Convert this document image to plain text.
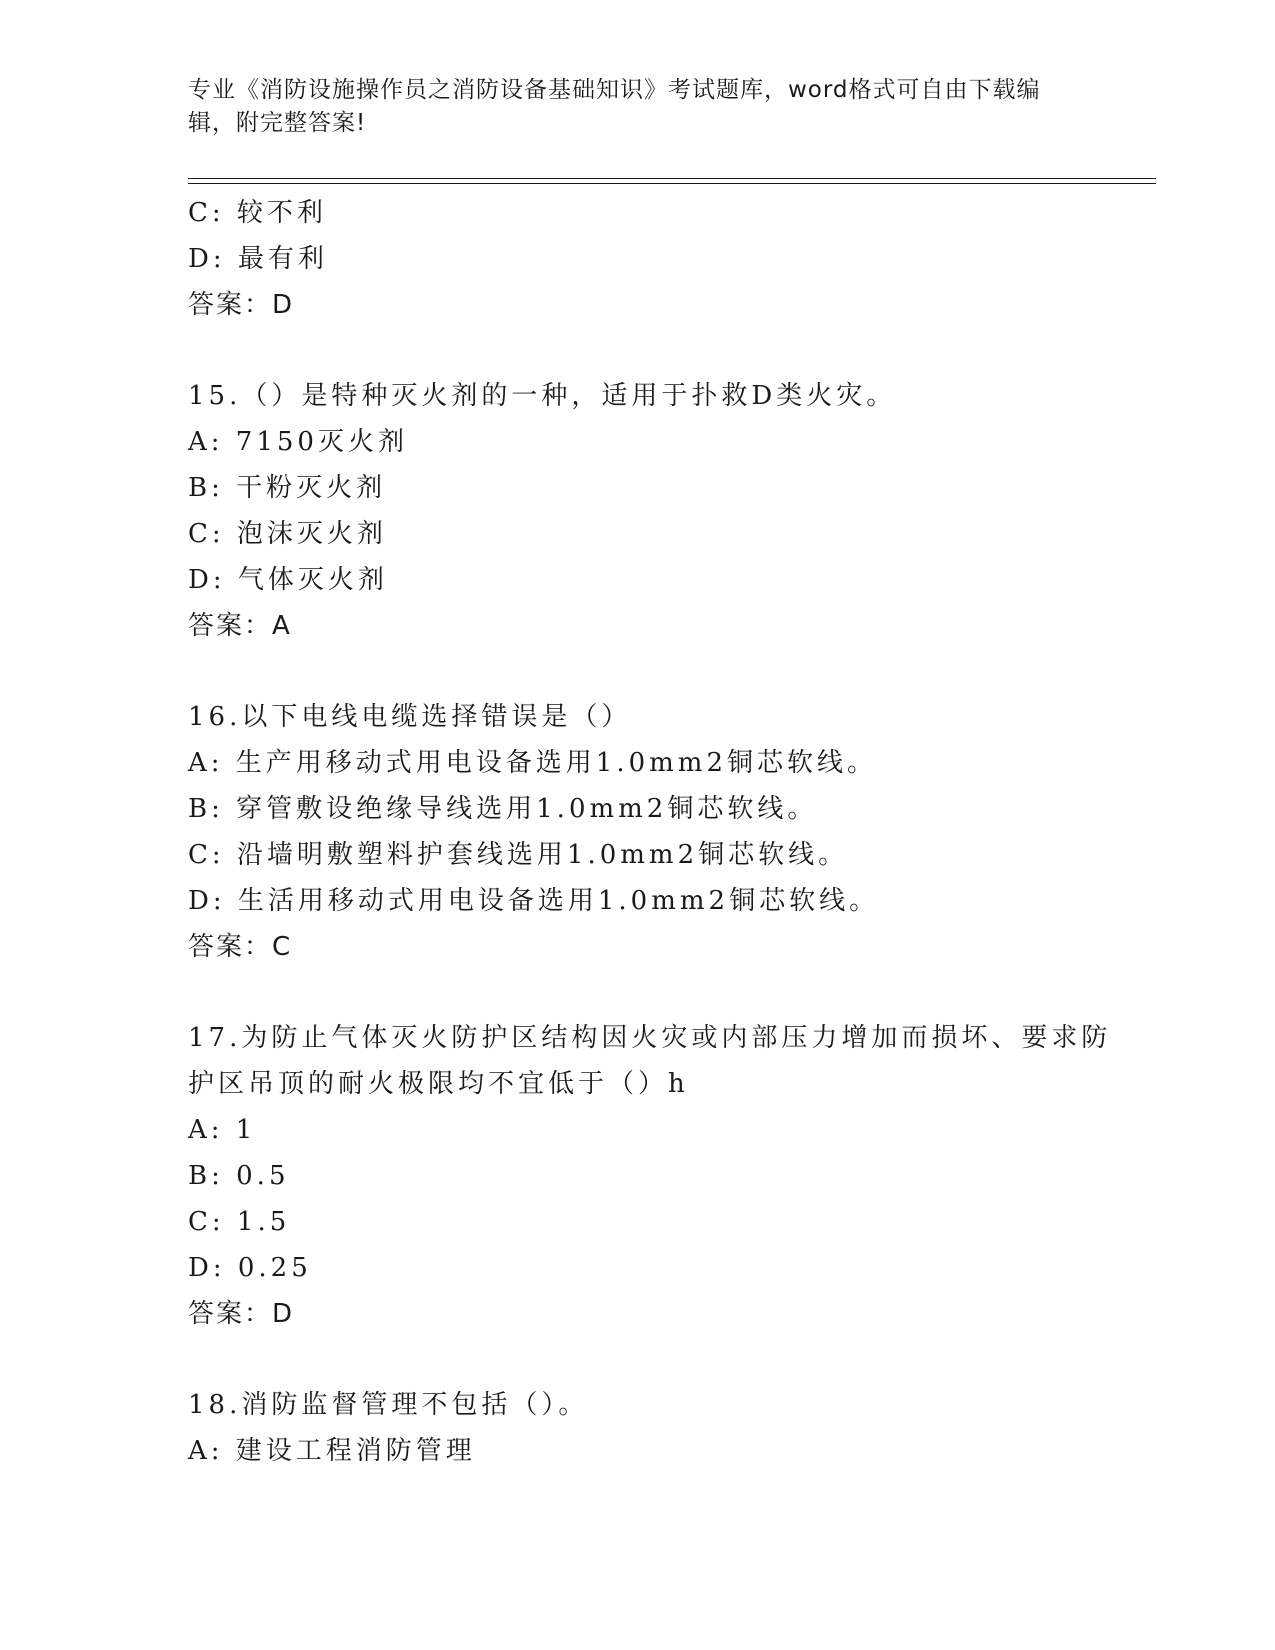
专业《消防设施操作员之消防设备基础知识》考试题库，word格式可自由下载编辑，附完整答案!
C: 较不利
D: 最有利
答案：D
15.（）是特种灭火剂的一种，适用于扑救D类火灾。
A: 7150灭火剂
B: 干粉灭火剂
C: 泡沫灭火剂
D: 气体灭火剂
答案：A
16.以下电线电缆选择错误是（）
A: 生产用移动式用电设备选用1.0mm2铜芯软线。
B: 穿管敷设绝缘导线选用1.0mm2铜芯软线。
C: 沿墙明敷塑料护套线选用1.0mm2铜芯软线。
D: 生活用移动式用电设备选用1.0mm2铜芯软线。
答案：C
17.为防止气体灭火防护区结构因火灾或内部压力增加而损坏、要求防
护区吊顶的耐火极限均不宜低于（）h
A: 1
B: 0.5
C: 1.5
D: 0.25
答案：D
18.消防监督管理不包括（）。
A: 建设工程消防管理
